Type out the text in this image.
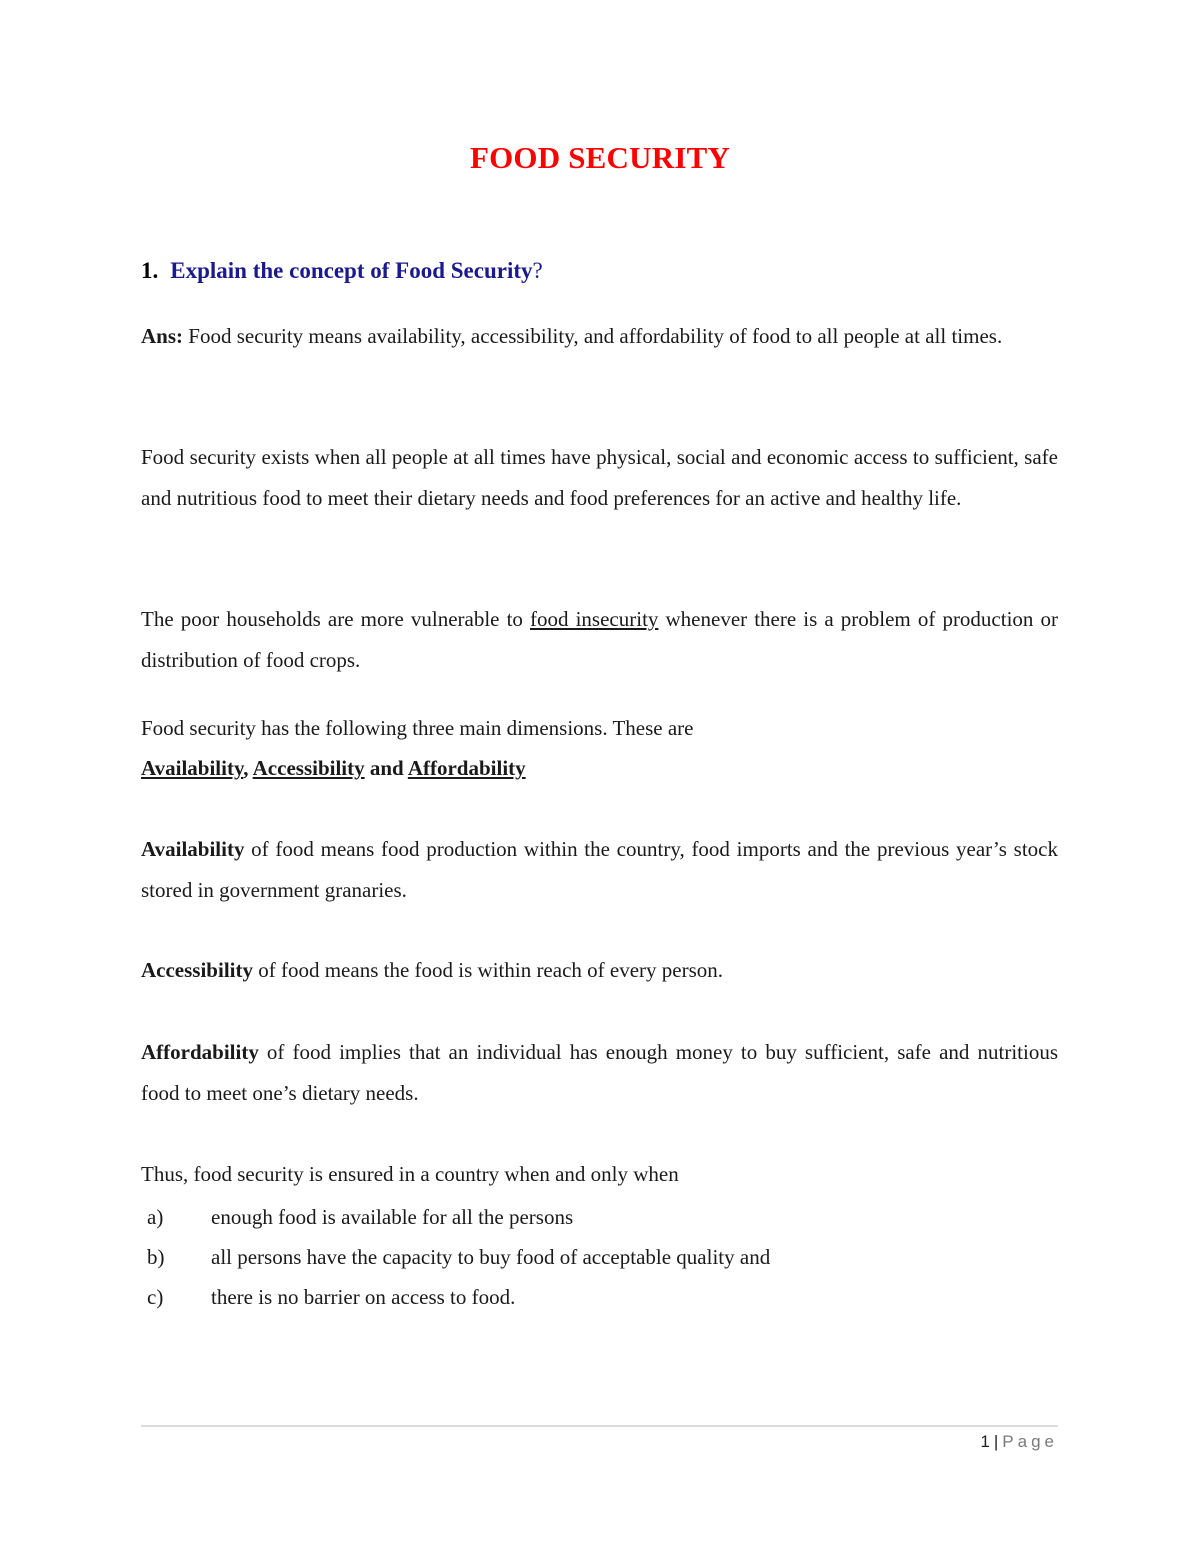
FOOD SECURITY
1. Explain the concept of Food Security?

Ans: Food security means availability, accessibility, and affordability of food to all people at all times.

Food security exists when all people at all times have physical, social and economic access to sufficient, safe and nutritious food to meet their dietary needs and food preferences for an active and healthy life.

The poor households are more vulnerable to food insecurity whenever there is a problem of production or distribution of food crops.

Food security has the following three main dimensions. These are
Availability, Accessibility and Affordability

Availability of food means food production within the country, food imports and the previous year’s stock stored in government granaries.

Accessibility of food means the food is within reach of every person.

Affordability of food implies that an individual has enough money to buy sufficient, safe and nutritious food to meet one’s dietary needs.

Thus, food security is ensured in a country when and only when
a) enough food is available for all the persons
b) all persons have the capacity to buy food of acceptable quality and
c) there is no barrier on access to food.
1 | Page
